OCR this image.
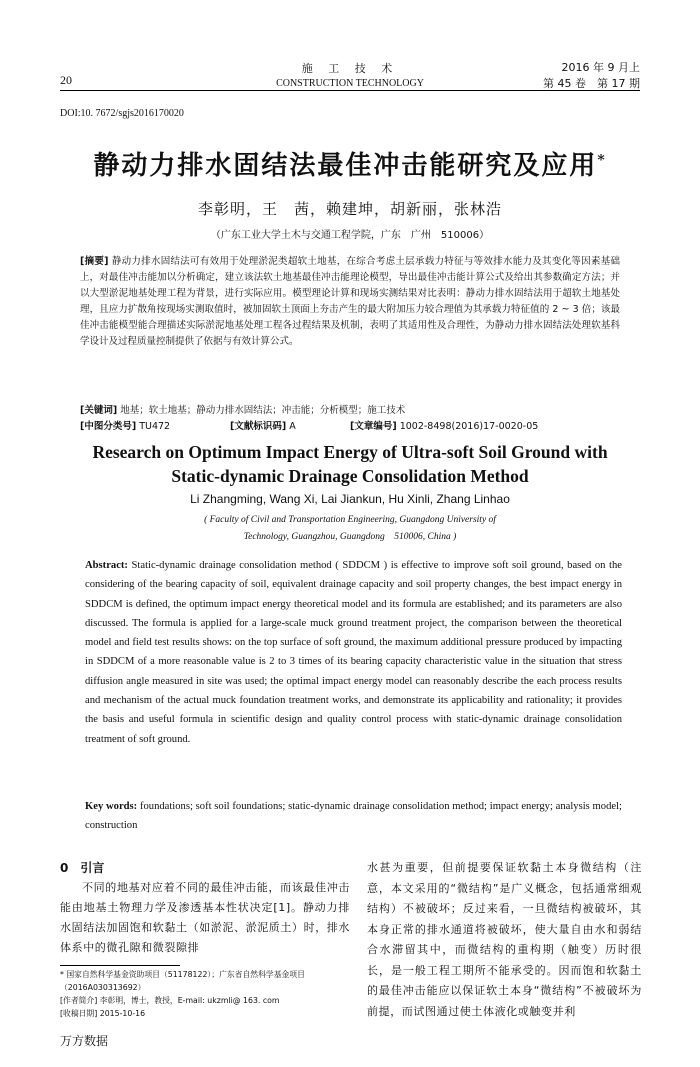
20
施 工 技 术
CONSTRUCTION TECHNOLOGY
2016 年 9 月上
第 45 卷　第 17 期
DOI:10. 7672/sgjs2016170020
静动力排水固结法最佳冲击能研究及应用*
李彰明，王　茜，赖建坤，胡新丽，张林浩
（广东工业大学土木与交通工程学院，广东　广州　510006）
[摘要] 静动力排水固结法可有效用于处理淤泥类超软土地基，在综合考虑土层承载力特征与等效排水能力及其变化等因素基础上，对最佳冲击能加以分析确定，建立该法软土地基最佳冲击能理论模型，导出最佳冲击能计算公式及给出其参数确定方法；并以大型淤泥地基处理工程为背景，进行实际应用。模型理论计算和现场实测结果对比表明：静动力排水固结法用于超软土地基处理，且应力扩散角按现场实测取值时，被加固软土顶面上夯击产生的最大附加压力较合理值为其承载力特征值的 2 ~ 3 倍；该最佳冲击能模型能合理描述实际淤泥地基处理工程各过程结果及机制，表明了其适用性及合理性，为静动力排水固结法处理软基科学设计及过程质量控制提供了依据与有效计算公式。
[关键词] 地基；软土地基；静动力排水固结法；冲击能；分析模型；施工技术
[中图分类号] TU472	[文献标识码] A	[文章编号] 1002-8498(2016)17-0020-05
Research on Optimum Impact Energy of Ultra-soft Soil Ground with
Static-dynamic Drainage Consolidation Method
Li Zhangming, Wang Xi, Lai Jiankun, Hu Xinli, Zhang Linhao
( Faculty of Civil and Transportation Engineering, Guangdong University of
Technology, Guangzhou, Guangdong　510006, China )
Abstract: Static-dynamic drainage consolidation method ( SDDCM ) is effective to improve soft soil ground, based on the considering of the bearing capacity of soil, equivalent drainage capacity and soil property changes, the best impact energy in SDDCM is defined, the optimum impact energy theoretical model and its formula are established; and its parameters are also discussed. The formula is applied for a large-scale muck ground treatment project, the comparison between the theoretical model and field test results shows: on the top surface of soft ground, the maximum additional pressure produced by impacting in SDDCM of a more reasonable value is 2 to 3 times of its bearing capacity characteristic value in the situation that stress diffusion angle measured in site was used; the optimal impact energy model can reasonably describe the each process results and mechanism of the actual muck foundation treatment works, and demonstrate its applicability and rationality; it provides the basis and useful formula in scientific design and quality control process with static-dynamic drainage consolidation treatment of soft ground.
Key words: foundations; soft soil foundations; static-dynamic drainage consolidation method; impact energy; analysis model; construction
0　引言
不同的地基对应着不同的最佳冲击能，而该最佳冲击能由地基土物理力学及渗透基本性状决定[1]。静动力排水固结法加固饱和软黏土（如淤泥、淤泥质土）时，排水体系中的微孔隙和微裂隙排
水甚为重要，但前提要保证软黏土本身微结构（注意，本文采用的“微结构”是广义概念，包括通常细观结构）不被破坏；反过来看，一旦微结构被破坏，其本身正常的排水通道将被破坏，使大量自由水和弱结合水滞留其中，而微结构的重构期（触变）历时很长，是一般工程工期所不能承受的。因而饱和软黏土的最佳冲击能应以保证软土本身“微结构”不被破坏为前提，而试图通过使土体液化或触变并利
* 国家自然科学基金资助项目（51178122）；广东省自然科学基金项目（2016A030313692）
[作者简介] 李彰明，博士，教授，E-mail: ukzmli@ 163. com
[收稿日期] 2015-10-16
万方数据
